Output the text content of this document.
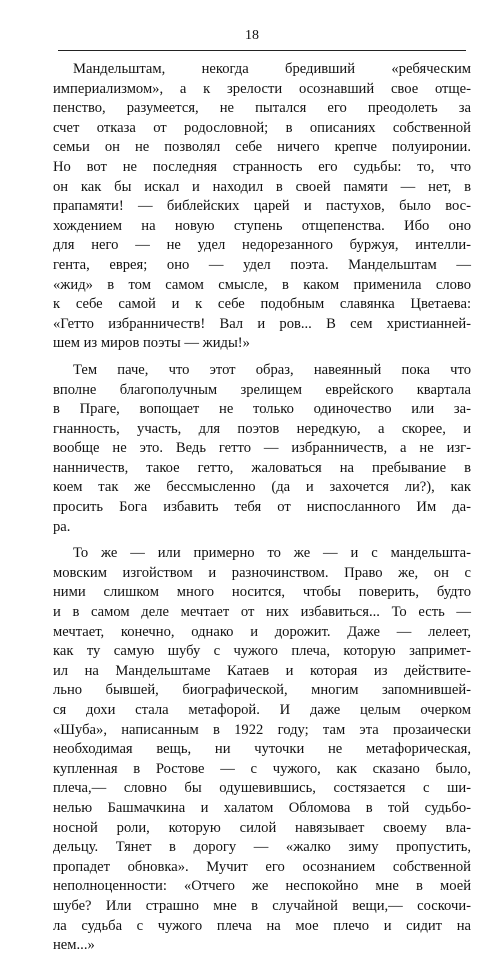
18
Мандельштам, некогда бредивший «ребяческим
империализмом», а к зрелости осознавший свое отще-
пенство, разумеется, не пытался его преодолеть за
счет отказа от родословной; в описаниях собственной
семьи он не позволял себе ничего крепче полуиронии.
Но вот не последняя странность его судьбы: то, что
он как бы искал и находил в своей памяти — нет, в
прапамяти! — библейских царей и пастухов, было вос-
хождением на новую ступень отщепенства. Ибо оно
для него — не удел недорезанного буржуя, интелли-
гента, еврея; оно — удел поэта. Мандельштам —
«жид» в том самом смысле, в каком применила слово
к себе самой и к себе подобным славянка Цветаева:
«Гетто избранничеств! Вал и ров... В сем христианней-
шем из миров поэты — жиды!»
Тем паче, что этот образ, навеянный пока что
вполне благополучным зрелищем еврейского квартала
в Праге, вопощает не только одиночество или за-
гнанность, участь, для поэтов нередкую, а скорее, и
вообще не это. Ведь гетто — избранничеств, а не изг-
нанничеств, такое гетто, жаловаться на пребывание в
коем так же бессмысленно (да и захочется ли?), как
просить Бога избавить тебя от ниспосланного Им да-
ра.
То же — или примерно то же — и с мандельшта-
мовским изгойством и разночинством. Право же, он с
ними слишком много носится, чтобы поверить, будто
и в самом деле мечтает от них избавиться... То есть —
мечтает, конечно, однако и дорожит. Даже — лелеет,
как ту самую шубу с чужого плеча, которую запримет-
ил на Мандельштаме Катаев и которая из действите-
льно бывшей, биографической, многим запомнившей-
ся дохи стала метафорой. И даже целым очерком
«Шуба», написанным в 1922 году; там эта прозаически
необходимая вещь, ни чуточки не метафорическая,
купленная в Ростове — с чужого, как сказано было,
плеча,— словно бы одушевившись, состязается с ши-
нелью Башмачкина и халатом Обломова в той судьбо-
носной роли, которую силой навязывает своему вла-
дельцу. Тянет в дорогу — «жалко зиму пропустить,
пропадет обновка». Мучит его осознанием собственной
неполноценности: «Отчего же неспокойно мне в моей
шубе? Или страшно мне в случайной вещи,— соскочи-
ла судьба с чужого плеча на мое плечо и сидит на
нем...»
